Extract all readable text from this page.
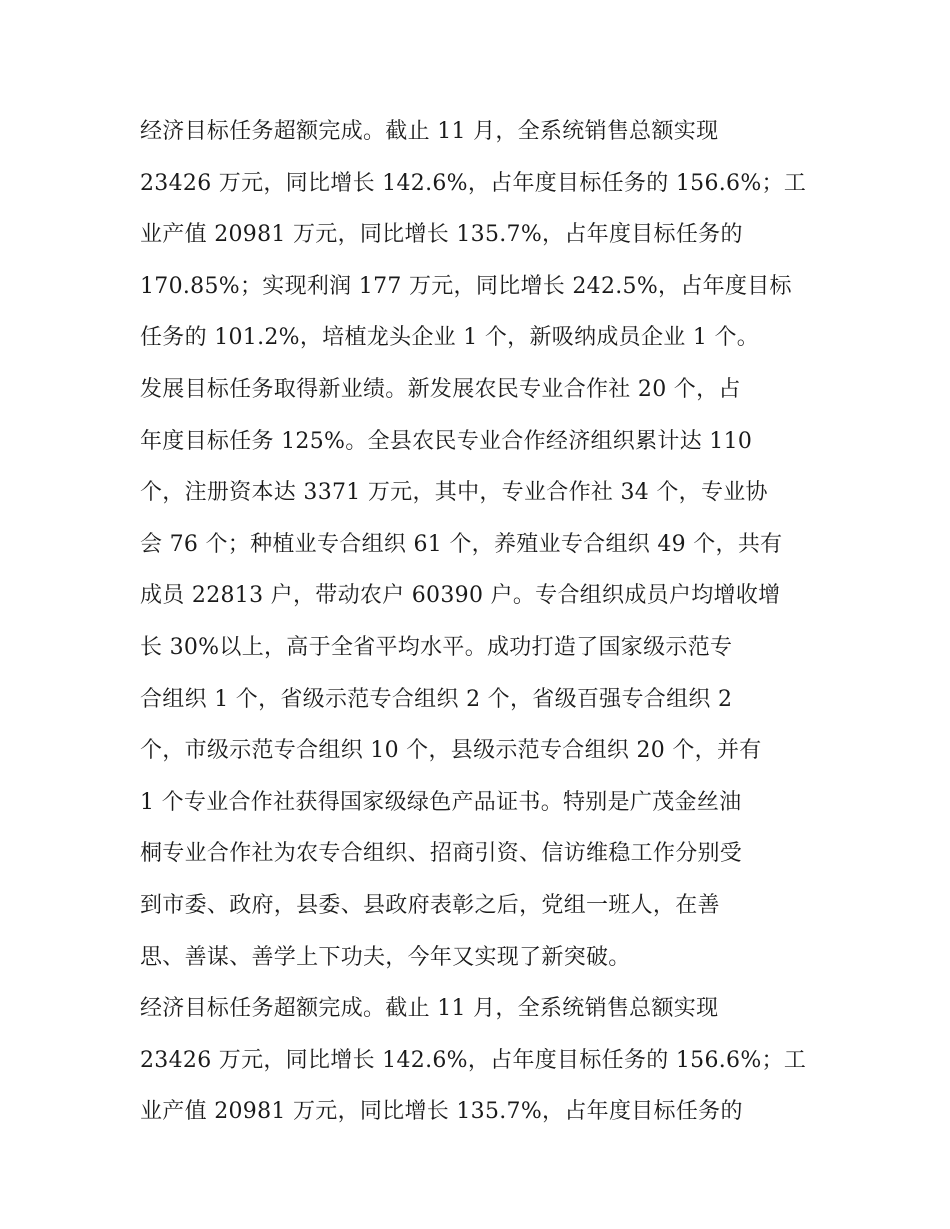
经济目标任务超额完成。截止 11 月，全系统销售总额实现
23426 万元，同比增长 142.6%，占年度目标任务的 156.6%；工
业产值 20981 万元，同比增长 135.7%，占年度目标任务的
170.85%；实现利润 177 万元，同比增长 242.5%，占年度目标
任务的 101.2%，培植龙头企业 1 个，新吸纳成员企业 1 个。
发展目标任务取得新业绩。新发展农民专业合作社 20 个，占
年度目标任务 125%。全县农民专业合作经济组织累计达 110
个，注册资本达 3371 万元，其中，专业合作社 34 个，专业协
会 76 个；种植业专合组织 61 个，养殖业专合组织 49 个，共有
成员 22813 户，带动农户 60390 户。专合组织成员户均增收增
长 30%以上，高于全省平均水平。成功打造了国家级示范专
合组织 1 个，省级示范专合组织 2 个，省级百强专合组织 2
个，市级示范专合组织 10 个，县级示范专合组织 20 个，并有
1 个专业合作社获得国家级绿色产品证书。特别是广茂金丝油
桐专业合作社为农专合组织、招商引资、信访维稳工作分别受
到市委、政府，县委、县政府表彰之后，党组一班人，在善
思、善谋、善学上下功夫，今年又实现了新突破。
经济目标任务超额完成。截止 11 月，全系统销售总额实现
23426 万元，同比增长 142.6%，占年度目标任务的 156.6%；工
业产值 20981 万元，同比增长 135.7%，占年度目标任务的
